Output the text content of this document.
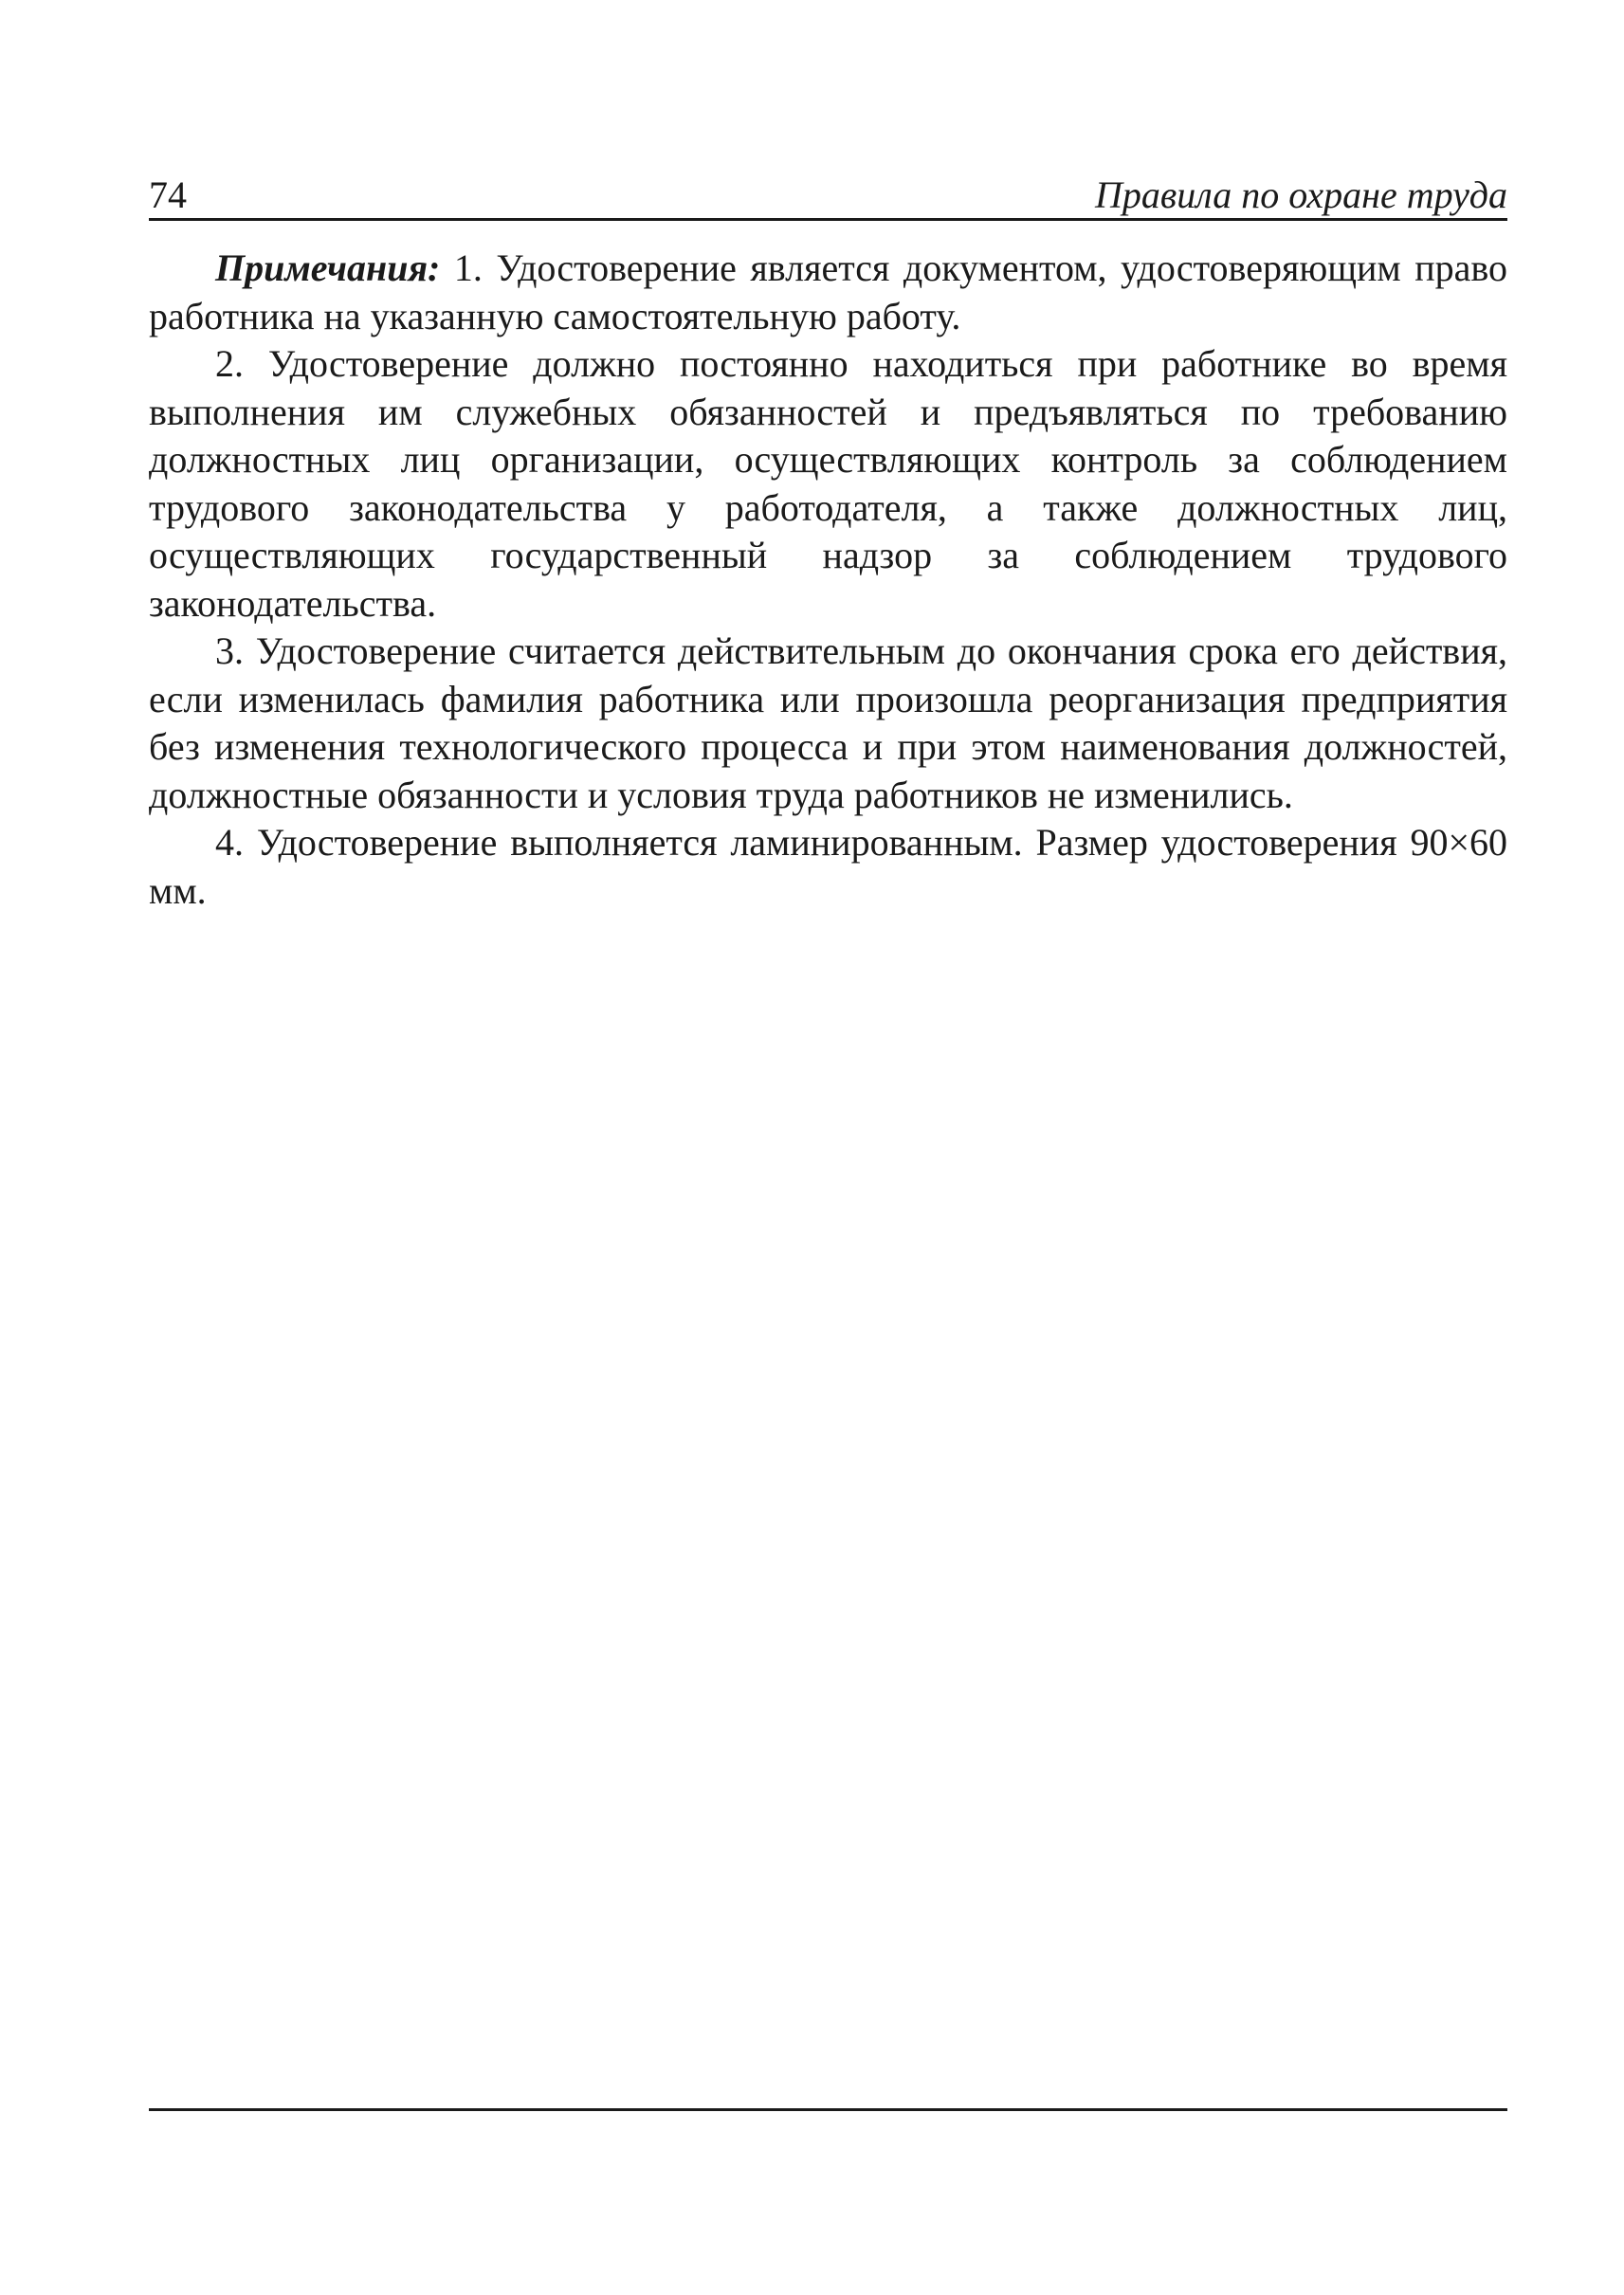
74	Правила по охране труда

Примечания: 1. Удостоверение является документом, удостоверяющим право работника на указанную самостоятельную работу.

2. Удостоверение должно постоянно находиться при работнике во время выполнения им служебных обязанностей и предъявляться по требованию должностных лиц организации, осуществляющих контроль за соблюдением трудового законодательства у работодателя, а также должностных лиц, осуществляющих государственный надзор за соблюдением трудового законодательства.

3. Удостоверение считается действительным до окончания срока его действия, если изменилась фамилия работника или произошла реорганизация предприятия без изменения технологического процесса и при этом наименования должностей, должностные обязанности и условия труда работников не изменились.

4. Удостоверение выполняется ламинированным. Размер удостоверения 90×60 мм.
